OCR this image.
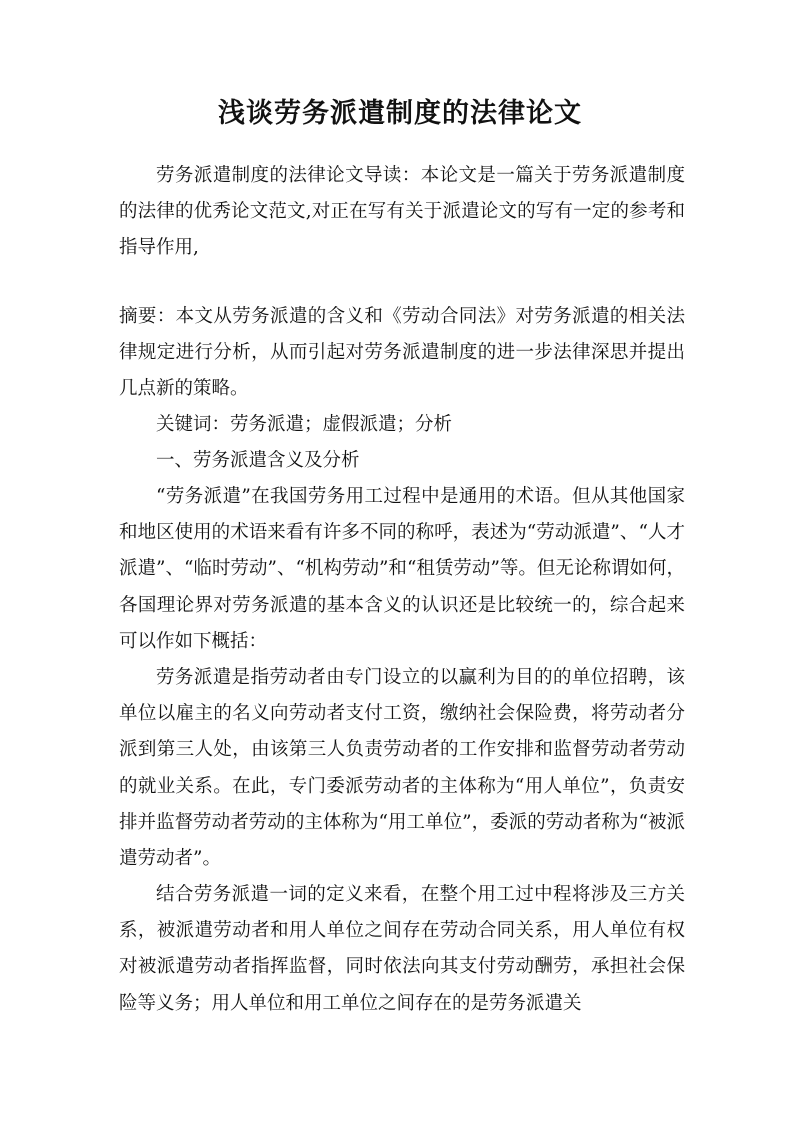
浅谈劳务派遣制度的法律论文

劳务派遣制度的法律论文导读：本论文是一篇关于劳务派遣制度的法律的优秀论文范文,对正在写有关于派遣论文的写有一定的参考和指导作用,

摘要：本文从劳务派遣的含义和《劳动合同法》对劳务派遣的相关法律规定进行分析，从而引起对劳务派遣制度的进一步法律深思并提出几点新的策略。

关键词：劳务派遣；虚假派遣；分析

一、劳务派遣含义及分析

“劳务派遣”在我国劳务用工过程中是通用的术语。但从其他国家和地区使用的术语来看有许多不同的称呼，表述为“劳动派遣”、“人才派遣”、“临时劳动”、“机构劳动”和“租赁劳动”等。但无论称谓如何，各国理论界对劳务派遣的基本含义的认识还是比较统一的，综合起来可以作如下概括：

劳务派遣是指劳动者由专门设立的以赢利为目的的单位招聘，该单位以雇主的名义向劳动者支付工资，缴纳社会保险费，将劳动者分派到第三人处，由该第三人负责劳动者的工作安排和监督劳动者劳动的就业关系。在此，专门委派劳动者的主体称为“用人单位”，负责安排并监督劳动者劳动的主体称为“用工单位”，委派的劳动者称为“被派遣劳动者”。

结合劳务派遣一词的定义来看，在整个用工过中程将涉及三方关系，被派遣劳动者和用人单位之间存在劳动合同关系，用人单位有权对被派遣劳动者指挥监督，同时依法向其支付劳动酬劳，承担社会保险等义务；用人单位和用工单位之间存在的是劳务派遣关
